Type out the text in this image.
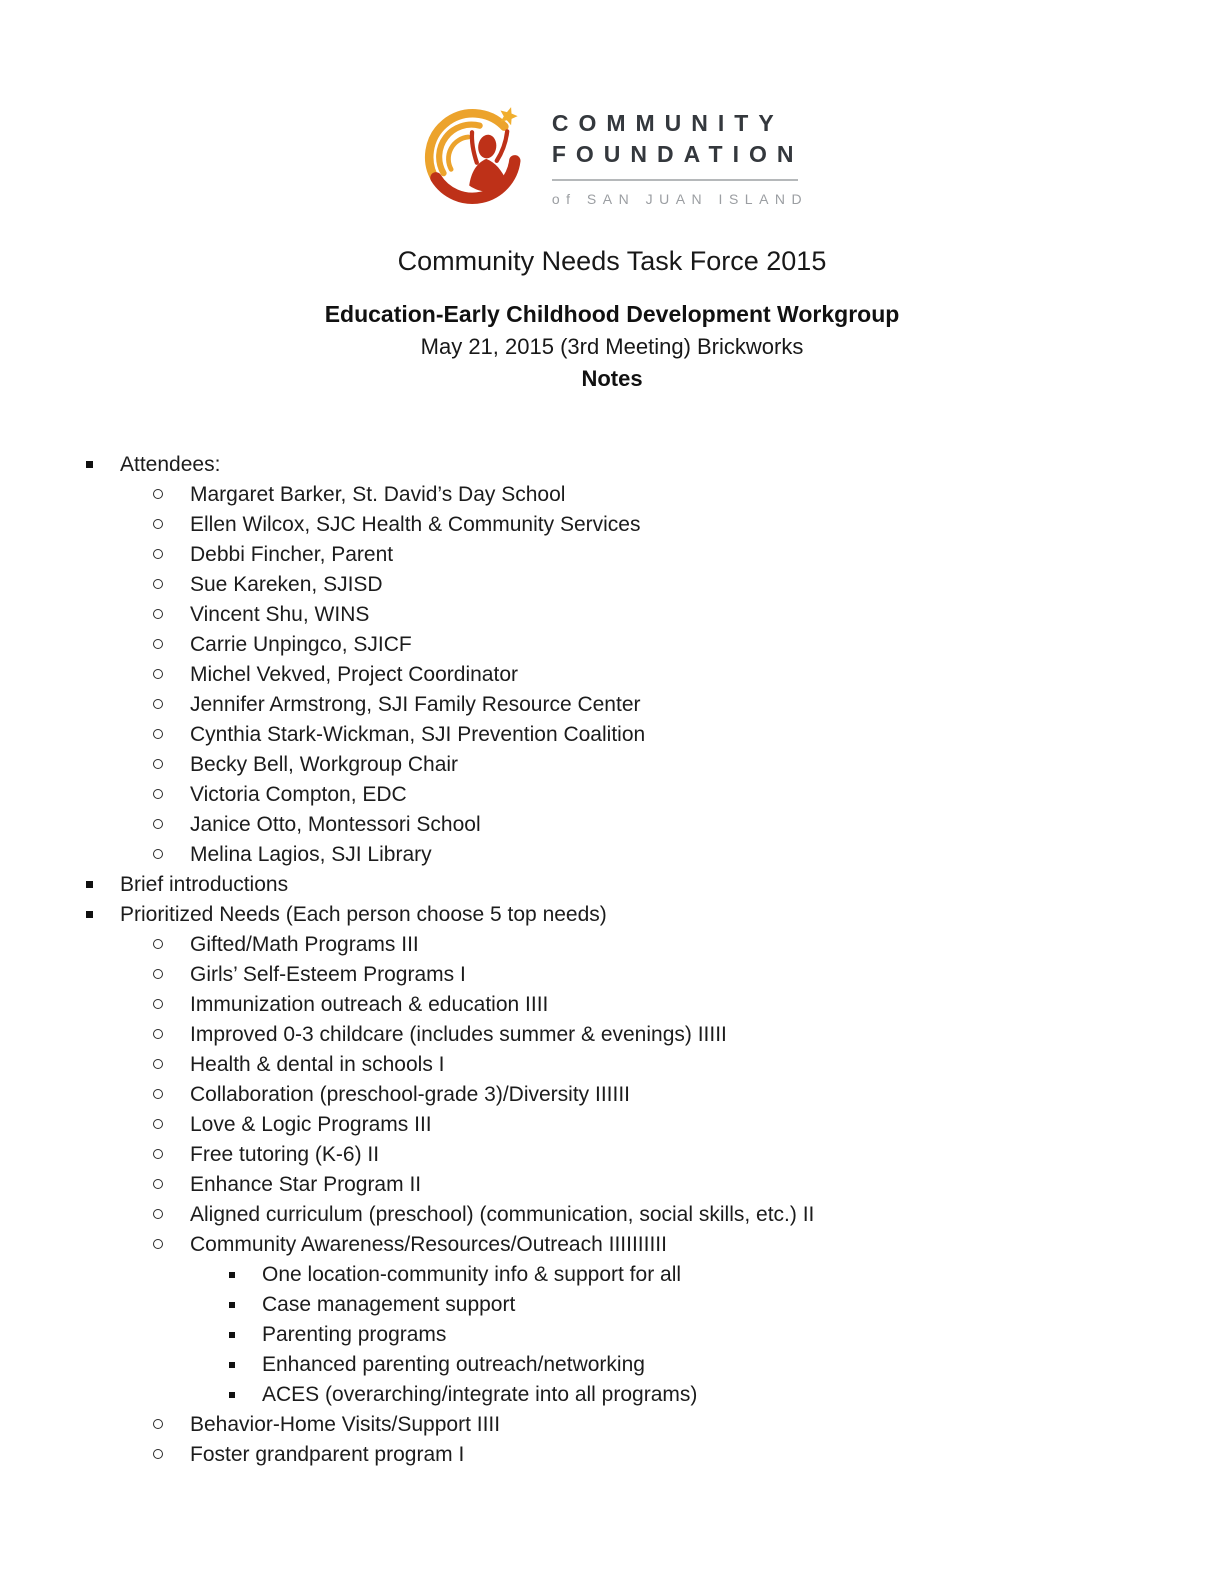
COMMUNITY
FOUNDATION
of SAN JUAN ISLAND
Community Needs Task Force 2015
Education-Early Childhood Development Workgroup
May 21, 2015 (3rd Meeting) Brickworks
Notes
Attendees:
Margaret Barker, St. David’s Day School
Ellen Wilcox, SJC Health & Community Services
Debbi Fincher, Parent
Sue Kareken, SJISD
Vincent Shu, WINS
Carrie Unpingco, SJICF
Michel Vekved, Project Coordinator
Jennifer Armstrong, SJI Family Resource Center
Cynthia Stark-Wickman, SJI Prevention Coalition
Becky Bell, Workgroup Chair
Victoria Compton, EDC
Janice Otto, Montessori School
Melina Lagios, SJI Library
Brief introductions
Prioritized Needs (Each person choose 5 top needs)
Gifted/Math Programs III
Girls’ Self-Esteem Programs I
Immunization outreach & education IIII
Improved 0-3 childcare (includes summer & evenings) IIIII
Health & dental in schools I
Collaboration (preschool-grade 3)/Diversity IIIIII
Love & Logic Programs III
Free tutoring (K-6) II
Enhance Star Program II
Aligned curriculum (preschool) (communication, social skills, etc.) II
Community Awareness/Resources/Outreach IIIIIIIIII
One location-community info & support for all
Case management support
Parenting programs
Enhanced parenting outreach/networking
ACES (overarching/integrate into all programs)
Behavior-Home Visits/Support IIII
Foster grandparent program I
